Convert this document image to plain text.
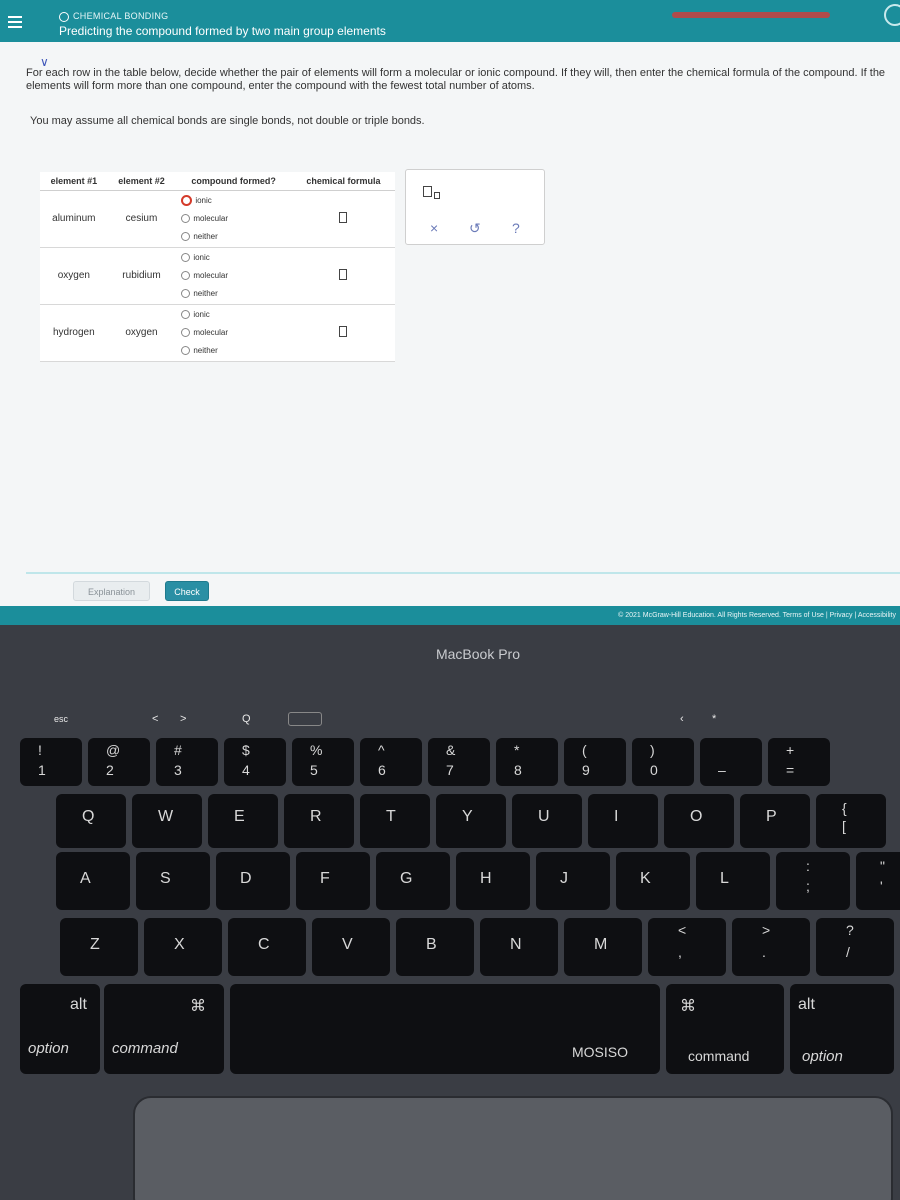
CHEMICAL BONDING
Predicting the compound formed by two main group elements
∨
For each row in the table below, decide whether the pair of elements will form a molecular or ionic compound. If they will, then enter the chemical formula of the compound. If the elements will form more than one compound, enter the compound with the fewest total number of atoms.
You may assume all chemical bonds are single bonds, not double or triple bonds.
element #1	element #2	compound formed?	chemical formula
aluminum	cesium	ionic
molecular
neither	

oxygen	rubidium	ionic
molecular
neither	

hydrogen	oxygen	ionic
molecular
neither	

× ↺ ?
Explanation	Check
© 2021 McGraw-Hill Education. All Rights Reserved. Terms of Use | Privacy | Accessibility
MacBook Pro
esc	< >	Q	‹	*
!
1
@
2
#
3
$
4
%
5
^
6
&
7
*
8
(
9
)
0	–
+
=
Q	W	E	R	T	Y	U	I	O	P	{
[
A	S	D	F	G	H	J	K	L
:
;
"
'
Z	X	C	V	B	N	M
<
,
>
.
?
/
alt
option
⌘
command	MOSISO
⌘
command
alt
option
